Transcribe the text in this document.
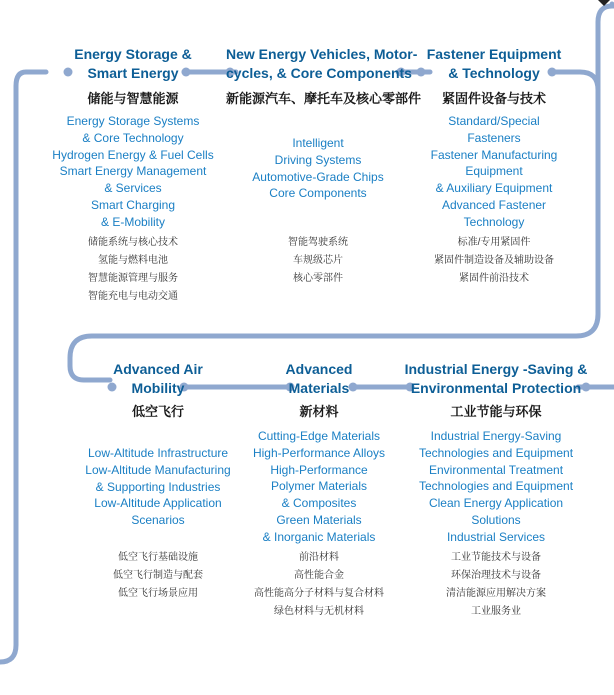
Energy Storage &
Smart Energy
储能与智慧能源
Energy Storage Systems
& Core Technology
Hydrogen Energy & Fuel Cells
Smart Energy Management
& Services
Smart Charging
& E-Mobility
储能系统与核心技术
氢能与燃料电池
智慧能源管理与服务
智能充电与电动交通
New Energy Vehicles, Motor-
cycles, & Core Components
新能源汽车、摩托车及核心零部件
Intelligent
Driving Systems
Automotive-Grade Chips
Core Components
智能驾驶系统
车规级芯片
核心零部件
Fastener Equipment
& Technology
紧固件设备与技术
Standard/Special
Fasteners
Fastener Manufacturing
Equipment
& Auxiliary Equipment
Advanced Fastener
Technology
标准/专用紧固件
紧固件制造设备及辅助设备
紧固件前沿技术
Advanced Air
Mobility
低空飞行
Low-Altitude Infrastructure
Low-Altitude Manufacturing
& Supporting Industries
Low-Altitude Application
Scenarios
低空飞行基础设施
低空飞行制造与配套
低空飞行场景应用
Advanced
Materials
新材料
Cutting-Edge Materials
High-Performance Alloys
High-Performance
Polymer Materials
& Composites
Green Materials
& Inorganic Materials
前沿材料
高性能合金
高性能高分子材料与复合材料
绿色材料与无机材料
Industrial Energy -Saving &
Environmental Protection
工业节能与环保
Industrial Energy-Saving
Technologies and Equipment
Environmental Treatment
Technologies and Equipment
Clean Energy Application
Solutions
Industrial Services
工业节能技术与设备
环保治理技术与设备
清洁能源应用解决方案
工业服务业
